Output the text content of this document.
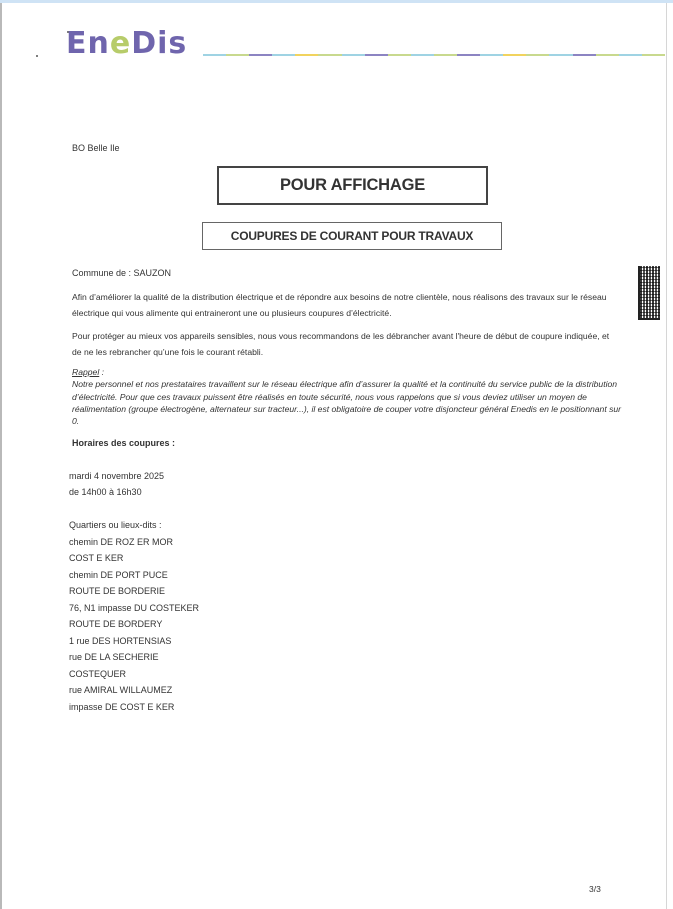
EneDis
BO Belle Ile
POUR AFFICHAGE
COUPURES DE COURANT POUR TRAVAUX
Commune de : SAUZON
Afin d’améliorer la qualité de la distribution électrique et de répondre aux besoins de notre clientèle, nous réalisons des travaux sur le réseau électrique qui vous alimente qui entraineront une ou plusieurs coupures d’électricité.
Pour protéger au mieux vos appareils sensibles, nous vous recommandons de les débrancher avant l'heure de début de coupure indiquée, et de ne les rebrancher qu’une fois le courant rétabli.
Rappel :
Notre personnel et nos prestataires travaillent sur le réseau électrique afin d’assurer la qualité et la continuité du service public de la distribution d’électricité. Pour que ces travaux puissent être réalisés en toute sécurité, nous vous rappelons que si vous deviez utiliser un moyen de réalimentation (groupe électrogène, alternateur sur tracteur...), il est obligatoire de couper votre disjoncteur général Enedis en le positionnant sur 0.
Horaires des coupures :
mardi 4 novembre 2025
de 14h00 à 16h30
Quartiers ou lieux-dits :
chemin DE ROZ ER MOR
COST E KER
chemin DE PORT PUCE
ROUTE DE BORDERIE
76, N1 impasse DU COSTEKER
ROUTE DE BORDERY
1 rue DES HORTENSIAS
rue DE LA SECHERIE
COSTEQUER
rue AMIRAL WILLAUMEZ
impasse DE COST E KER
3/3
